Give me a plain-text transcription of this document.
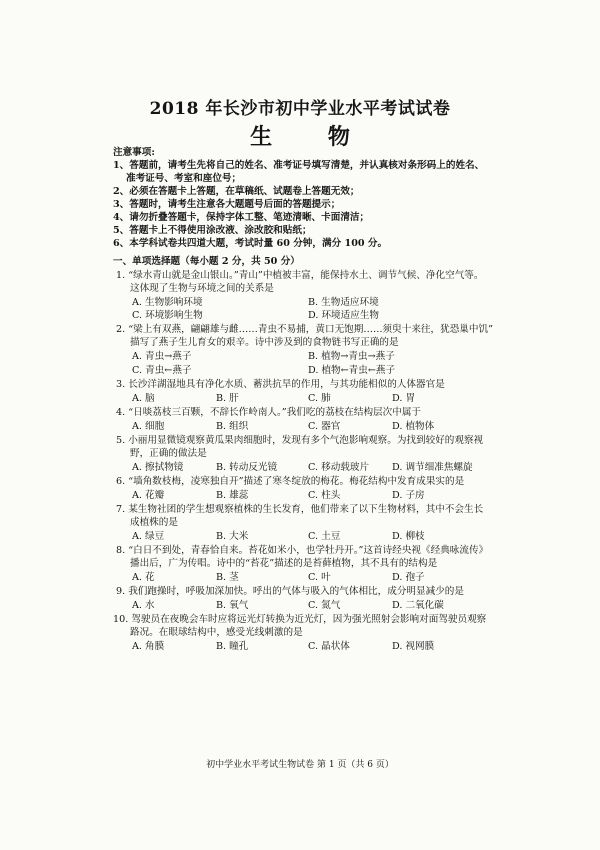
2018 年长沙市初中学业水平考试试卷
生 物
注意事项:
1、答题前，请考生先将自己的姓名、准考证号填写清楚，并认真核对条形码上的姓名、
准考证号、考室和座位号；
2、必须在答题卡上答题，在草稿纸、试题卷上答题无效；
3、答题时，请考生注意各大题题号后面的答题提示；
4、请勿折叠答题卡，保持字体工整、笔迹清晰、卡面清洁；
5、答题卡上不得使用涂改液、涂改胶和贴纸；
6、本学科试卷共四道大题，考试时量 60 分钟，满分 100 分。
一、单项选择题（每小题 2 分，共 50 分）
1. “绿水青山就是金山银山。”青山”中植被丰富，能保持水土、调节气候、净化空气等。
这体现了生物与环境之间的关系是
A. 生物影响环境	B. 生物适应环境
C. 环境影响生物	D. 环境适应生物
2. “梁上有双燕，翩翩雄与雌……青虫不易捕，黄口无饱期……须臾十来往，犹恐巢中饥”
描写了燕子生儿育女的艰辛。诗中涉及到的食物链书写正确的是
A. 青虫→燕子	B. 植物→青虫→燕子
C. 青虫←燕子	D. 植物←青虫←燕子
3. 长沙洋湖湿地具有净化水质、蓄洪抗旱的作用，与其功能相似的人体器官是
A. 脑	B. 肝	C. 肺	D. 胃
4. “日啖荔枝三百颗，不辞长作岭南人。”我们吃的荔枝在结构层次中属于
A. 细胞	B. 组织	C. 器官	D. 植物体
5. 小丽用显微镜观察黄瓜果肉细胞时，发现有多个气泡影响观察。为找到较好的观察视
野，正确的做法是
A. 擦拭物镜	B. 转动反光镜	C. 移动载玻片 D. 调节细准焦螺旋
6. “墙角数枝梅，凌寒独自开”描述了寒冬绽放的梅花。梅花结构中发育成果实的是
A. 花瓣	B. 雄蕊	C. 柱头	D. 子房
7. 某生物社团的学生想观察植株的生长发育，他们带来了以下生物材料，其中不会生长
成植株的是
A. 绿豆	B. 大米	C. 土豆	D. 柳枝
8. “白日不到处，青春恰自来。苔花如米小，也学牡丹开。”这首诗经央视《经典咏流传》
播出后，广为传唱。诗中的“苔花”描述的是苔藓植物，其不具有的结构是
A. 花	B. 茎	C. 叶	D. 孢子
9. 我们跑操时，呼吸加深加快。呼出的气体与吸入的气体相比，成分明显减少的是
A. 水	B. 氧气	C. 氮气	D. 二氧化碳
10. 驾驶员在夜晚会车时应将远光灯转换为近光灯，因为强光照射会影响对面驾驶员观察
路况。在眼球结构中，感受光线刺激的是
A. 角膜	B. 瞳孔	C. 晶状体	D. 视网膜
初中学业水平考试生物试卷 第 1 页（共 6 页）
